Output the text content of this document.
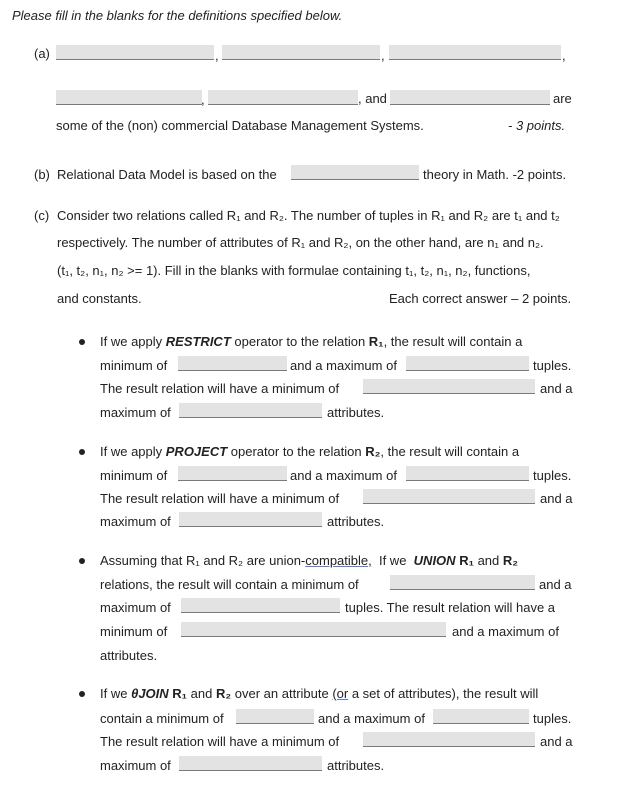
Please fill in the blanks for the definitions specified below.
(a)	,	,	,
,	, and	are
some of the (non) commercial Database Management Systems.	- 3 points.
(b) Relational Data Model is based on the	theory in Math. -2 points.
(c) Consider two relations called R₁ and R₂. The number of tuples in R₁ and R₂ are t₁ and t₂
respectively. The number of attributes of R₁ and R₂, on the other hand, are n₁ and n₂.
(t₁, t₂, n₁, n₂ >= 1). Fill in the blanks with formulae containing t₁, t₂, n₁, n₂, functions,
and constants.	Each correct answer – 2 points.
If we apply RESTRICT operator to the relation R₁, the result will contain a
minimum of	and a maximum of	tuples.
The result relation will have a minimum of	and a
maximum of	attributes.
If we apply PROJECT operator to the relation R₂, the result will contain a
minimum of	and a maximum of	tuples.
The result relation will have a minimum of	and a
maximum of	attributes.
Assuming that R₁ and R₂ are union-compatible,  If we  UNION R₁ and R₂
relations, the result will contain a minimum of	and a
maximum of	tuples. The result relation will have a
minimum of	and a maximum of
attributes.
If we θJOIN R₁ and R₂ over an attribute (or a set of attributes), the result will
contain a minimum of	and a maximum of	tuples.
The result relation will have a minimum of	and a
maximum of	attributes.
